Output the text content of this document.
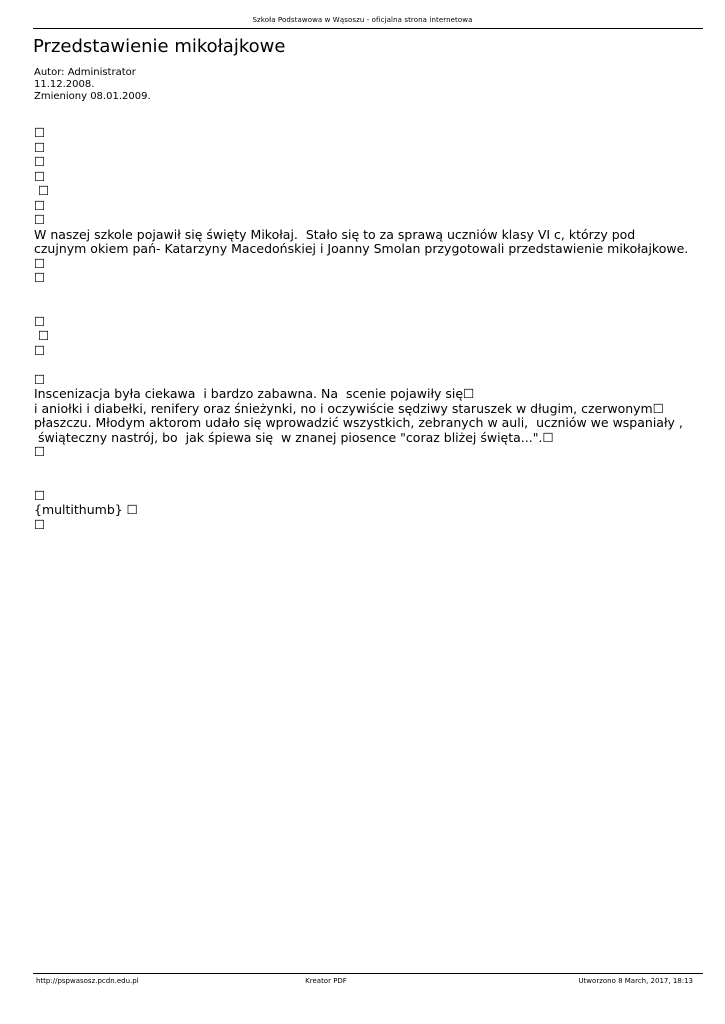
Szkoła Podstawowa w Wąsoszu - oficjalna strona internetowa
Przedstawienie mikołajkowe
Autor: Administrator
11.12.2008.
Zmieniony 08.01.2009.
☐
☐
☐
☐
☐
☐
☐
W naszej szkole pojawił się święty Mikołaj.  Stało się to za sprawą uczniów klasy VI c, którzy pod
czujnym okiem pań- Katarzyny Macedońskiej i Joanny Smolan przygotowali przedstawienie mikołajkowe.
☐
☐
☐
☐
☐
☐
Inscenizacja była ciekawa  i bardzo zabawna. Na  scenie pojawiły się☐
i aniołki i diabełki, renifery oraz śnieżynki, no i oczywiście sędziwy staruszek w długim, czerwonym☐
płaszczu. Młodym aktorom udało się wprowadzić wszystkich, zebranych w auli,  uczniów we wspaniały ,
świąteczny nastrój, bo  jak śpiewa się  w znanej piosence "coraz bliżej święta...".☐
☐
☐
{multithumb} ☐
☐
http://pspwasosz.pcdn.edu.pl	Kreator PDF	Utworzono 8 March, 2017, 18:13
